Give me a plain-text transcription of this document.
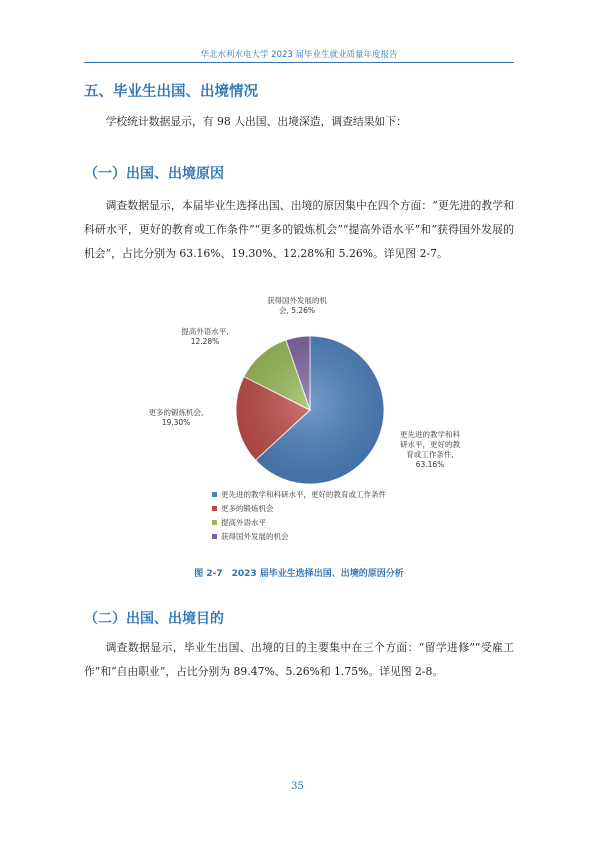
华北水利水电大学 2023 届毕业生就业质量年度报告
五、毕业生出国、出境情况
学校统计数据显示，有 98 人出国、出境深造，调查结果如下：
（一）出国、出境原因
调查数据显示，本届毕业生选择出国、出境的原因集中在四个方面：“更先进的教学和科研水平，更好的教育或工作条件”“更多的锻炼机会”“提高外语水平”和“获得国外发展的机会”，占比分别为 63.16%、19.30%、12.28%和 5.26%。详见图 2-7。
更先进的教学和科研水平，更好的教育或工作条件, 63.16%
更多的锻炼机会, 19.30%
提高外语水平, 12.28%
获得国外发展的机会, 5.26%
更先进的教学和科研水平，更好的教育或工作条件
更多的锻炼机会
提高外语水平
获得国外发展的机会
图 2-7　2023 届毕业生选择出国、出境的原因分析
（二）出国、出境目的
调查数据显示，毕业生出国、出境的目的主要集中在三个方面：“留学进修”“受雇工作”和“自由职业”，占比分别为 89.47%、5.26%和 1.75%。详见图 2-8。
35
